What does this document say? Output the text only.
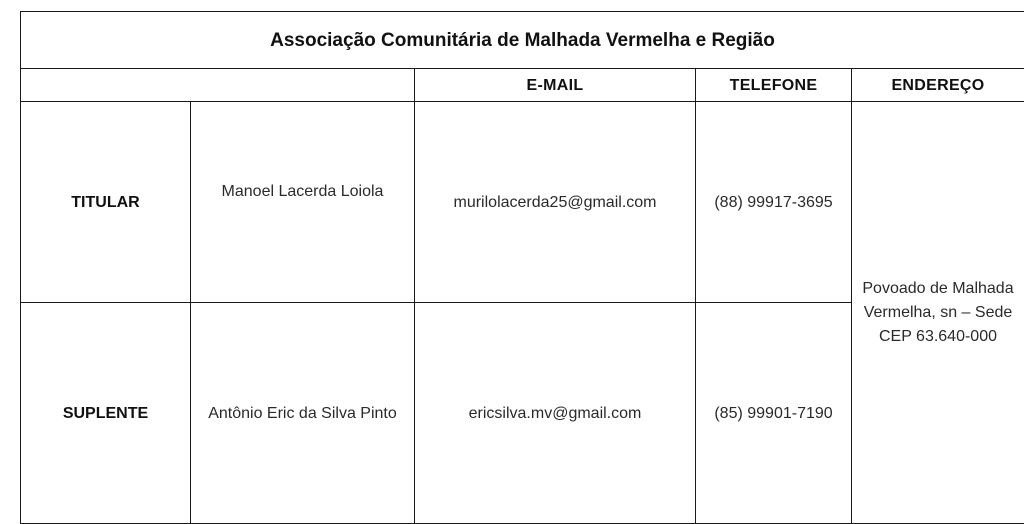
Associação Comunitária de Malhada Vermelha e Região				
		E-MAIL	TELEFONE	ENDEREÇO
TITULAR	Manoel Lacerda Loiola	murilolacerda25@gmail.com	(88) 99917-3695	Povoado de Malhada
Vermelha, sn – Sede
CEP 63.640-000
SUPLENTE	Antônio Eric da Silva Pinto	ericsilva.mv@gmail.com	(85) 99901-7190	
